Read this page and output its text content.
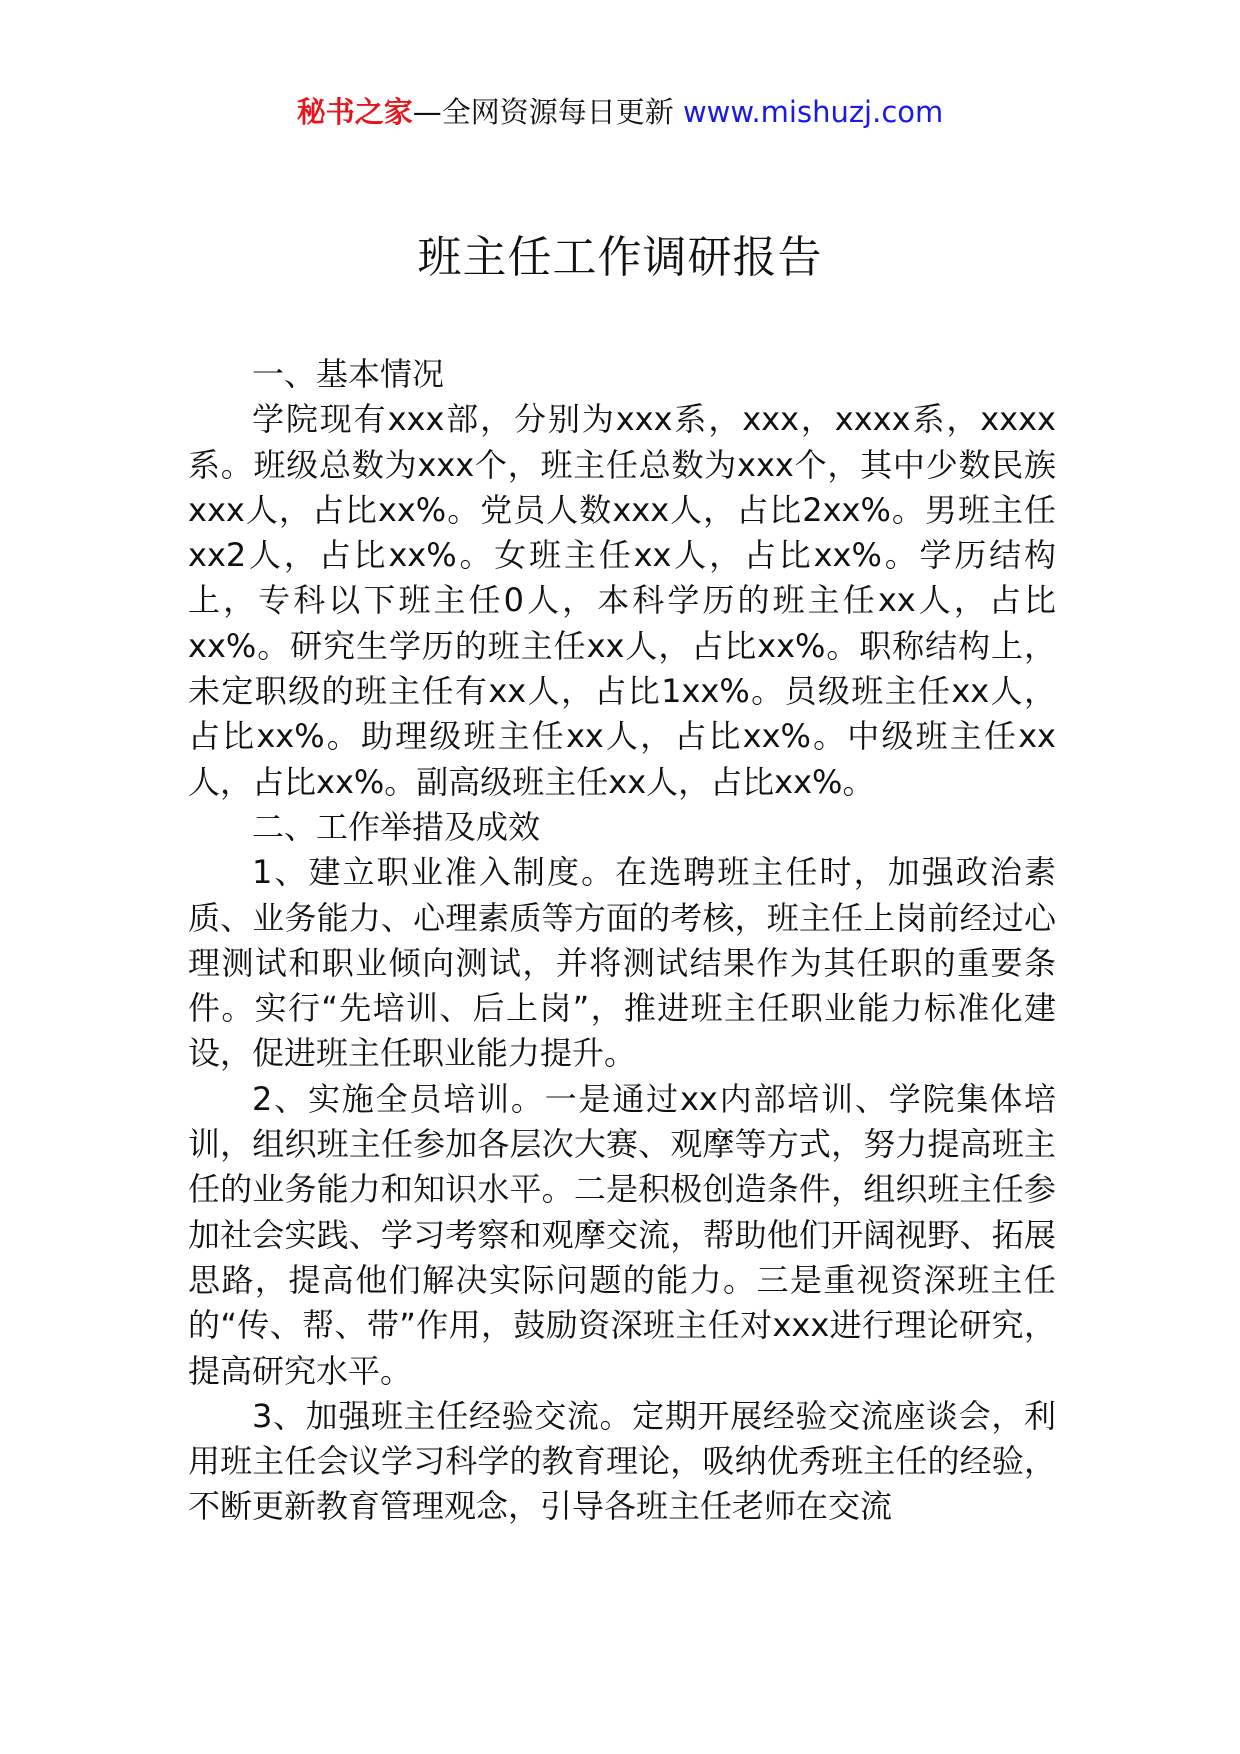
秘书之家—全网资源每日更新 www.mishuzj.com
班主任工作调研报告

一、基本情况

学院现有xxx部，分别为xxx系，xxx，xxxx系，xxxx系。班级总数为xxx个，班主任总数为xxx个，其中少数民族xxx人，占比xx%。党员人数xxx人，占比2xx%。男班主任xx2人，占比xx%。女班主任xx人，占比xx%。学历结构上，专科以下班主任0人，本科学历的班主任xx人，占比xx%。研究生学历的班主任xx人，占比xx%。职称结构上，未定职级的班主任有xx人，占比1xx%。员级班主任xx人，占比xx%。助理级班主任xx人，占比xx%。中级班主任xx人，占比xx%。副高级班主任xx人，占比xx%。

二、工作举措及成效

1、建立职业准入制度。在选聘班主任时，加强政治素质、业务能力、心理素质等方面的考核，班主任上岗前经过心理测试和职业倾向测试，并将测试结果作为其任职的重要条件。实行“先培训、后上岗”，推进班主任职业能力标准化建设，促进班主任职业能力提升。

2、实施全员培训。一是通过xx内部培训、学院集体培训，组织班主任参加各层次大赛、观摩等方式，努力提高班主任的业务能力和知识水平。二是积极创造条件，组织班主任参加社会实践、学习考察和观摩交流，帮助他们开阔视野、拓展思路，提高他们解决实际问题的能力。三是重视资深班主任的“传、帮、带”作用，鼓励资深班主任对xxx进行理论研究，提高研究水平。

3、加强班主任经验交流。定期开展经验交流座谈会，利用班主任会议学习科学的教育理论，吸纳优秀班主任的经验，不断更新教育管理观念，引导各班主任老师在交流
